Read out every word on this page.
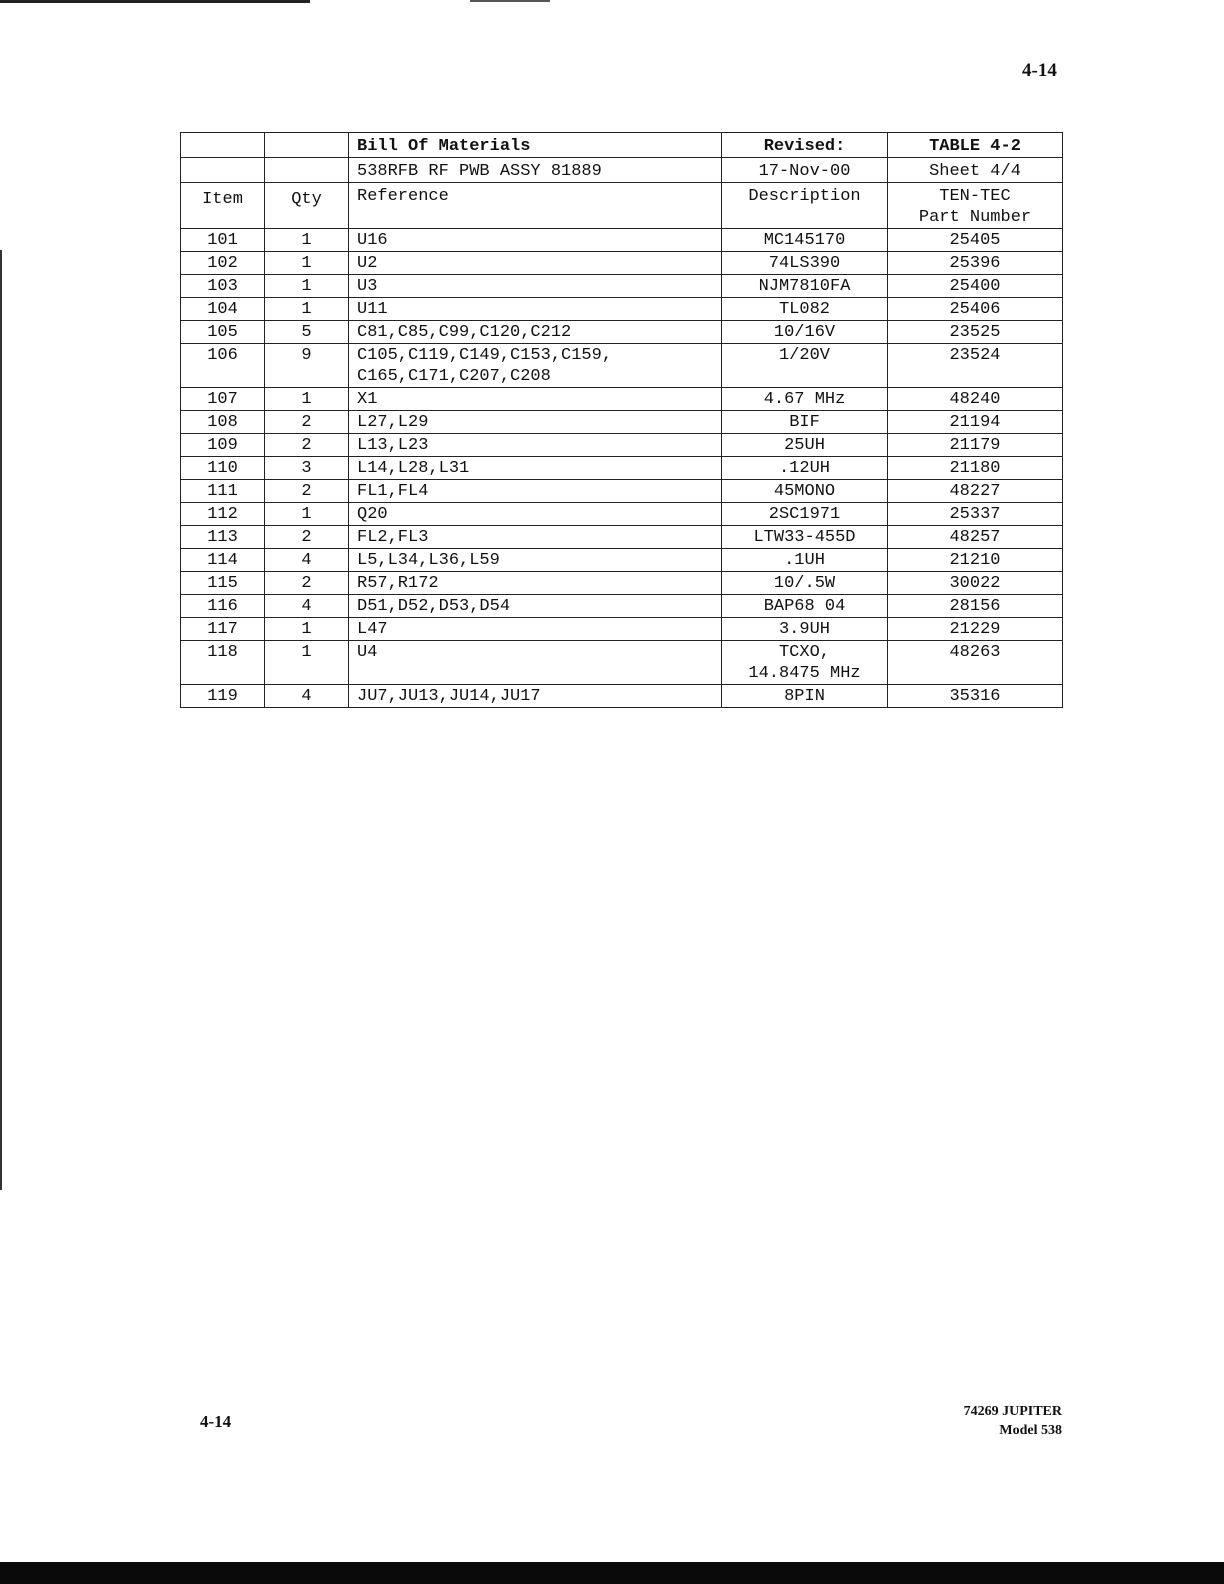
4-14
		Bill Of Materials	Revised:	TABLE 4-2
		538RFB RF PWB ASSY 81889	17-Nov-00	Sheet 4/4
Item	Qty	Reference	Description	TEN-TEC
Part Number

101	1	U16	MC145170	25405
102	1	U2	74LS390	25396
103	1	U3	NJM7810FA	25400
104	1	U11	TL082	25406
105	5	C81,C85,C99,C120,C212	10/16V	23525
106	9	C105,C119,C149,C153,C159,
C165,C171,C207,C208	1/20V	23524
107	1	X1	4.67 MHz	48240
108	2	L27,L29	BIF	21194
109	2	L13,L23	25UH	21179
110	3	L14,L28,L31	.12UH	21180
111	2	FL1,FL4	45MONO	48227
112	1	Q20	2SC1971	25337
113	2	FL2,FL3	LTW33-455D	48257
114	4	L5,L34,L36,L59	.1UH	21210
115	2	R57,R172	10/.5W	30022
116	4	D51,D52,D53,D54	BAP68 04	28156
117	1	L47	3.9UH	21229
118	1	U4	TCXO,
14.8475 MHz	48263
119	4	JU7,JU13,JU14,JU17	8PIN	35316
4-14
74269 JUPITER
Model 538
